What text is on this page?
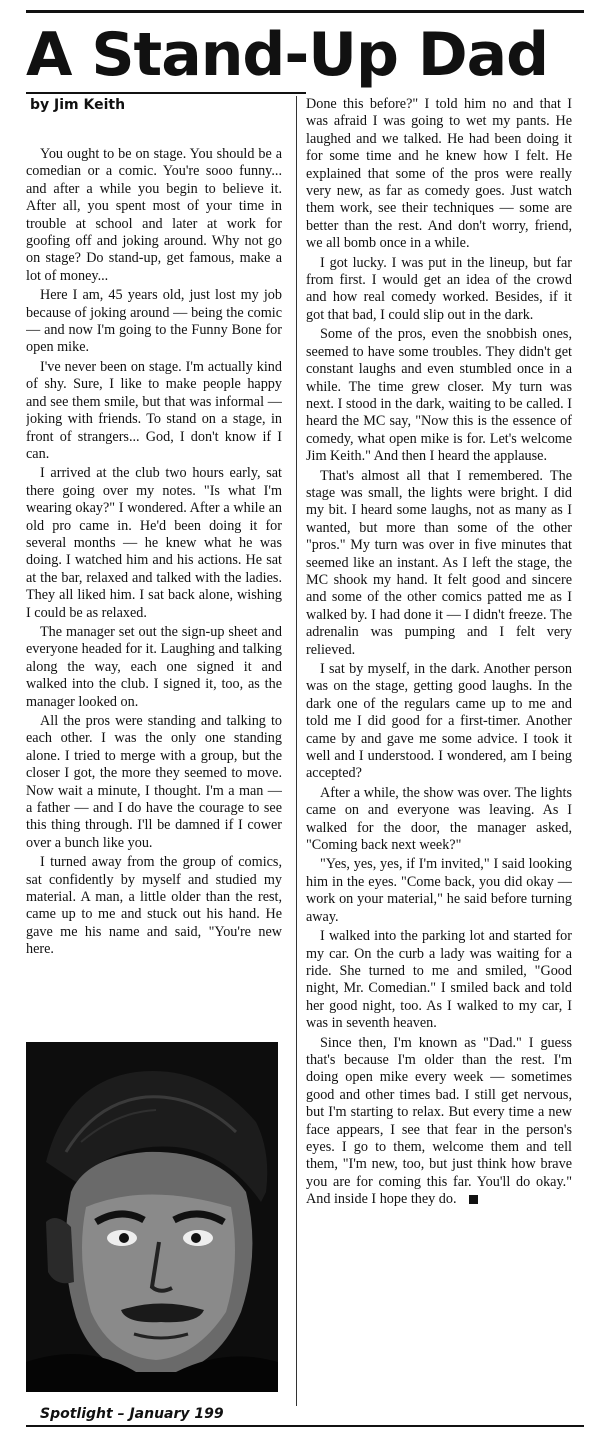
A Stand-Up Dad
by Jim Keith

You ought to be on stage. You should be a comedian or a comic. You're sooo funny... and after a while you begin to believe it. After all, you spent most of your time in trouble at school and later at work for goofing off and joking around. Why not go on stage? Do stand-up, get famous, make a lot of money...

Here I am, 45 years old, just lost my job because of joking around — being the comic — and now I'm going to the Funny Bone for open mike.

I've never been on stage. I'm actually kind of shy. Sure, I like to make people happy and see them smile, but that was informal — joking with friends. To stand on a stage, in front of strangers... God, I don't know if I can.

I arrived at the club two hours early, sat there going over my notes. "Is what I'm wearing okay?" I wondered. After a while an old pro came in. He'd been doing it for several months — he knew what he was doing. I watched him and his actions. He sat at the bar, relaxed and talked with the ladies. They all liked him. I sat back alone, wishing I could be as relaxed.

The manager set out the sign-up sheet and everyone headed for it. Laughing and talking along the way, each one signed it and walked into the club. I signed it, too, as the manager looked on.

All the pros were standing and talking to each other. I was the only one standing alone. I tried to merge with a group, but the closer I got, the more they seemed to move. Now wait a minute, I thought. I'm a man — a father — and I do have the courage to see this thing through. I'll be damned if I cower over a bunch like you.

I turned away from the group of comics, sat confidently by myself and studied my material. A man, a little older than the rest, came up to me and stuck out his hand. He gave me his name and said, "You're new here.

Done this before?" I told him no and that I was afraid I was going to wet my pants. He laughed and we talked. He had been doing it for some time and he knew how I felt. He explained that some of the pros were really very new, as far as comedy goes. Just watch them work, see their techniques — some are better than the rest. And don't worry, friend, we all bomb once in a while.

I got lucky. I was put in the lineup, but far from first. I would get an idea of the crowd and how real comedy worked. Besides, if it got that bad, I could slip out in the dark.

Some of the pros, even the snobbish ones, seemed to have some troubles. They didn't get constant laughs and even stumbled once in a while. The time grew closer. My turn was next. I stood in the dark, waiting to be called. I heard the MC say, "Now this is the essence of comedy, what open mike is for. Let's welcome Jim Keith." And then I heard the applause.

That's almost all that I remembered. The stage was small, the lights were bright. I did my bit. I heard some laughs, not as many as I wanted, but more than some of the other "pros." My turn was over in five minutes that seemed like an instant. As I left the stage, the MC shook my hand. It felt good and sincere and some of the other comics patted me as I walked by. I had done it — I didn't freeze. The adrenalin was pumping and I felt very relieved.

I sat by myself, in the dark. Another person was on the stage, getting good laughs. In the dark one of the regulars came up to me and told me I did good for a first-timer. Another came by and gave me some advice. I took it well and I understood. I wondered, am I being accepted?

After a while, the show was over. The lights came on and everyone was leaving. As I walked for the door, the manager asked, "Coming back next week?"

"Yes, yes, yes, if I'm invited," I said looking him in the eyes. "Come back, you did okay — work on your material," he said before turning away.

I walked into the parking lot and started for my car. On the curb a lady was waiting for a ride. She turned to me and smiled, "Good night, Mr. Comedian." I smiled back and told her good night, too. As I walked to my car, I was in seventh heaven.

Since then, I'm known as "Dad." I guess that's because I'm older than the rest. I'm doing open mike every week — sometimes good and other times bad. I still get nervous, but I'm starting to relax. But every time a new face appears, I see that fear in the person's eyes. I go to them, welcome them and tell them, "I'm new, too, but just think how brave you are for coming this far. You'll do okay." And inside I hope they do.

Spotlight – January 199
